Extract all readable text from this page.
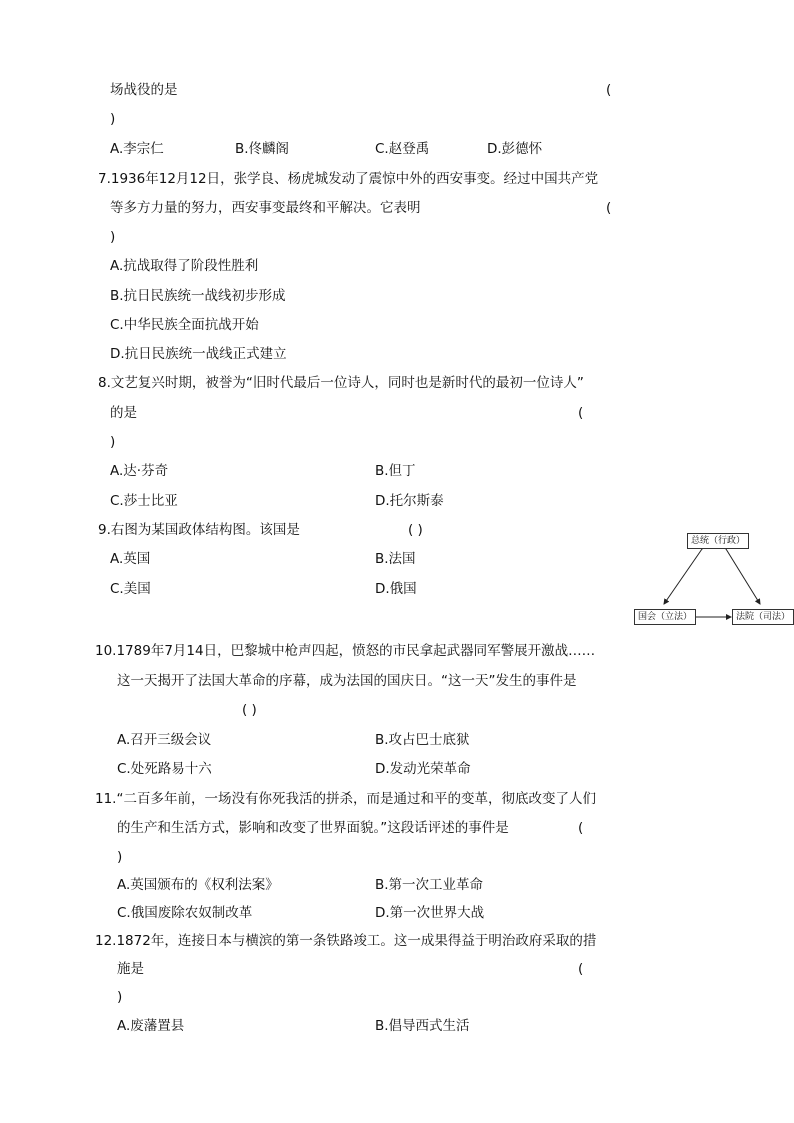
场战役的是	(
)
A.李宗仁	B.佟麟阁	C.赵登禹	D.彭德怀
7.1936年12月12日，张学良、杨虎城发动了震惊中外的西安事变。经过中国共产党
等多方力量的努力，西安事变最终和平解决。它表明	(
)
A.抗战取得了阶段性胜利
B.抗日民族统一战线初步形成
C.中华民族全面抗战开始
D.抗日民族统一战线正式建立
8.文艺复兴时期，被誉为“旧时代最后一位诗人，同时也是新时代的最初一位诗人”
的是	(
)
A.达·芬奇	B.但丁
C.莎士比亚	D.托尔斯泰
9.右图为某国政体结构图。该国是	( )
A.英国	B.法国
C.美国	D.俄国
总统（行政）
国会（立法）	法院（司法）
10.1789年7月14日，巴黎城中枪声四起，愤怒的市民拿起武器同军警展开激战……
这一天揭开了法国大革命的序幕，成为法国的国庆日。“这一天”发生的事件是
( )
A.召开三级会议	B.攻占巴士底狱
C.处死路易十六	D.发动光荣革命
11.“二百多年前，一场没有你死我活的拼杀，而是通过和平的变革，彻底改变了人们
的生产和生活方式，影响和改变了世界面貌。”这段话评述的事件是	(
)
A.英国颁布的《权利法案》	B.第一次工业革命
C.俄国废除农奴制改革	D.第一次世界大战
12.1872年，连接日本与横滨的第一条铁路竣工。这一成果得益于明治政府采取的措
施是	(
)
A.废藩置县	B.倡导西式生活
